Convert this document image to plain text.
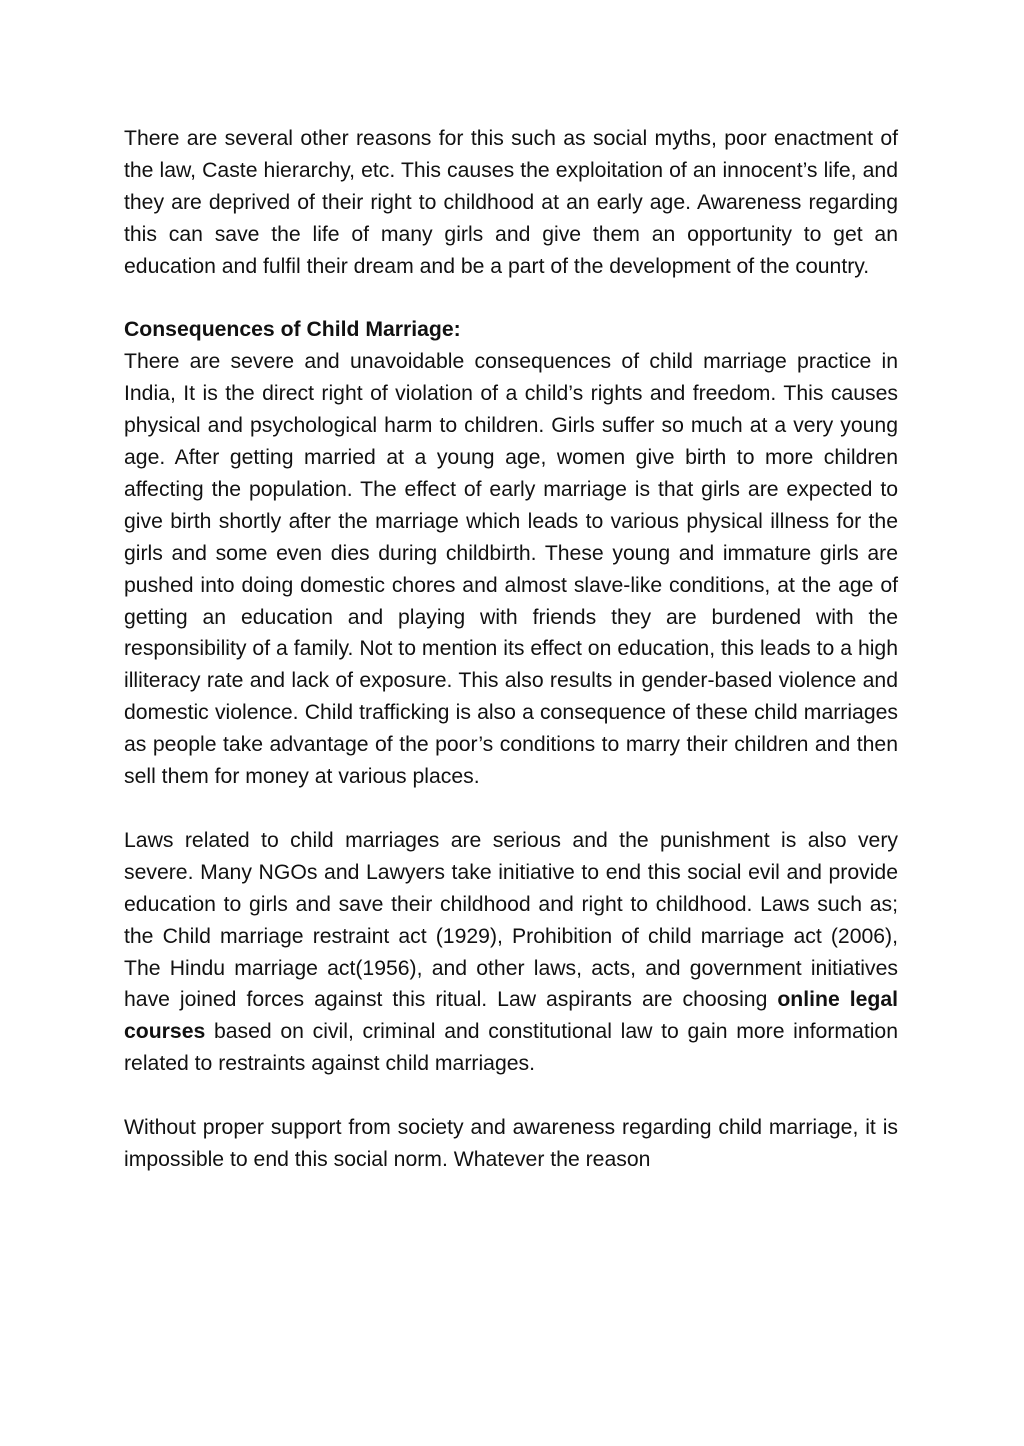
There are several other reasons for this such as social myths, poor enactment of the law, Caste hierarchy, etc. This causes the exploitation of an innocent’s life, and they are deprived of their right to childhood at an early age. Awareness regarding this can save the life of many girls and give them an opportunity to get an education and fulfil their dream and be a part of the development of the country.

Consequences of Child Marriage:

There are severe and unavoidable consequences of child marriage practice in India, It is the direct right of violation of a child’s rights and freedom. This causes physical and psychological harm to children. Girls suffer so much at a very young age. After getting married at a young age, women give birth to more children affecting the population. The effect of early marriage is that girls are expected to give birth shortly after the marriage which leads to various physical illness for the girls and some even dies during childbirth. These young and immature girls are pushed into doing domestic chores and almost slave-like conditions, at the age of getting an education and playing with friends they are burdened with the responsibility of a family. Not to mention its effect on education, this leads to a high illiteracy rate and lack of exposure. This also results in gender-based violence and domestic violence. Child trafficking is also a consequence of these child marriages as people take advantage of the poor’s conditions to marry their children and then sell them for money at various places.

Laws related to child marriages are serious and the punishment is also very severe. Many NGOs and Lawyers take initiative to end this social evil and provide education to girls and save their childhood and right to childhood. Laws such as; the Child marriage restraint act (1929), Prohibition of child marriage act (2006), The Hindu marriage act(1956), and other laws, acts, and government initiatives have joined forces against this ritual. Law aspirants are choosing online legal courses based on civil, criminal and constitutional law to gain more information related to restraints against child marriages.

Without proper support from society and awareness regarding child marriage, it is impossible to end this social norm. Whatever the reason
